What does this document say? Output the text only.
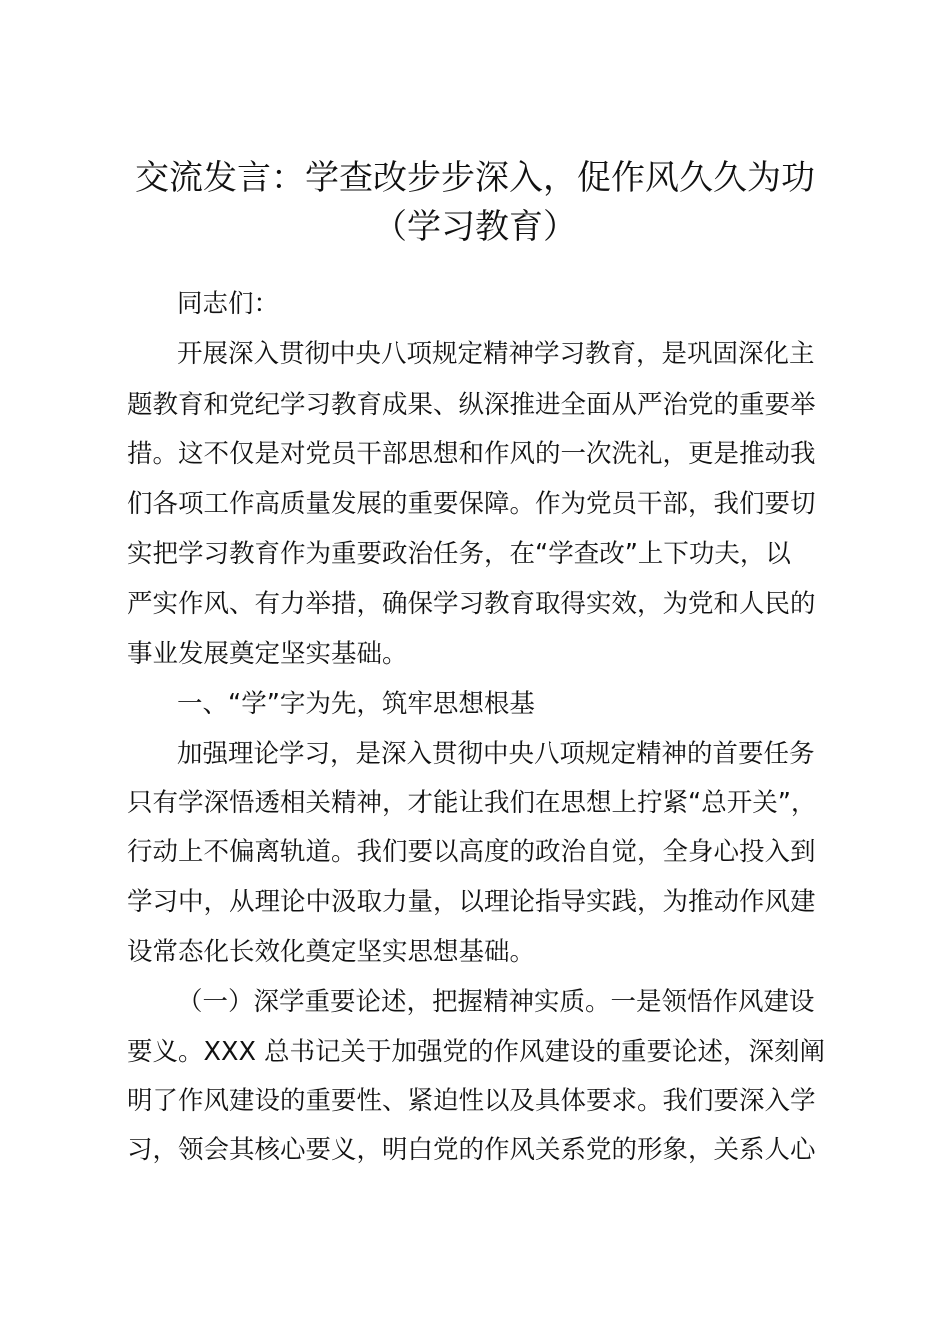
交流发言：学查改步步深入，促作风久久为功
（学习教育）
同志们：
开展深入贯彻中央八项规定精神学习教育，是巩固深化主
题教育和党纪学习教育成果、纵深推进全面从严治党的重要举
措。这不仅是对党员干部思想和作风的一次洗礼，更是推动我
们各项工作高质量发展的重要保障。作为党员干部，我们要切
实把学习教育作为重要政治任务，在“学查改”上下功夫，以
严实作风、有力举措，确保学习教育取得实效，为党和人民的
事业发展奠定坚实基础。
一、“学”字为先，筑牢思想根基
加强理论学习，是深入贯彻中央八项规定精神的首要任务
只有学深悟透相关精神，才能让我们在思想上拧紧“总开关”，
行动上不偏离轨道。我们要以高度的政治自觉，全身心投入到
学习中，从理论中汲取力量，以理论指导实践，为推动作风建
设常态化长效化奠定坚实思想基础。
（一）深学重要论述，把握精神实质。一是领悟作风建设
要义。XXX 总书记关于加强党的作风建设的重要论述，深刻阐
明了作风建设的重要性、紧迫性以及具体要求。我们要深入学
习，领会其核心要义，明白党的作风关系党的形象，关系人心
